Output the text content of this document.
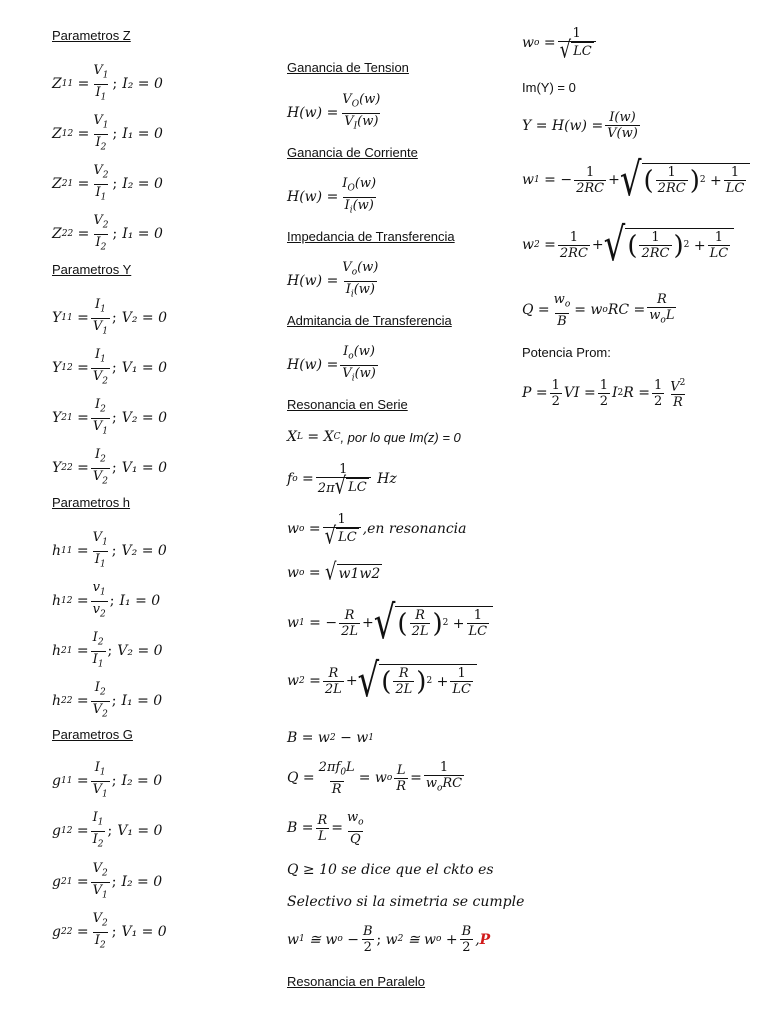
Parametros Z
Z $11 = \frac{V_1}{I_1}$ ; I₂ = 0
Z $12 = \frac{V_1}{I_2}$ ; I₁ = 0
Z $21 = \frac{V_2}{I_1}$ ; I₂ = 0
Z $22 = \frac{V_2}{I_2}$ ; I₁ = 0
Parametros Y
Y $11 = \frac{I_1}{V_1}$ ; V₂ = 0
Y $12 = \frac{I_1}{V_2}$ ; V₁ = 0
Y $21 = \frac{I_2}{V_1}$ ; V₂ = 0
Y $22 = \frac{I_2}{V_2}$ ; V₁ = 0
Parametros h
h $11 = \frac{V_1}{I_1}$ ; V₂ = 0
h $12 = \frac{v_1}{v_2}$ ; I₁ = 0
h $21 = \frac{I_2}{I_1}$ ; V₂ = 0
h $22 = \frac{I_2}{V_2}$ ; I₁ = 0
Parametros G
g $11 = \frac{I_1}{V_1}$ ; I₂ = 0
g $12 = \frac{I_1}{I_2}$ ; V₁ = 0
g $21 = \frac{V_2}{V_1}$ ; I₂ = 0
g $22 = \frac{V_2}{I_2}$ ; V₁ = 0
Ganancia de Tension
$H(w) = \frac{V_O(w)}{V_I(w)}$
Ganancia de Corriente
$H(w) = \frac{I_O(w)}{I_i(w)}$
Impedancia de Transferencia
$H(w) = \frac{V_o(w)}{I_i(w)}$
Admitancia de Transferencia
$H(w) = \frac{I_o(w)}{V_i(w)}$
Resonancia en Serie
X L = X C , por lo que Im(z) = 0
f $o = \frac{1}{2\pi √ LC}$
Hz
w $o = \frac{1}{√ LC} ,en$ resonancia
w o = √ w1w2
w 1 = − $\frac{R}{2L}$ + √ ( $\frac{R}{2L}$ ) $2 + \frac{1}{LC}$
w $2 = \frac{R}{2L}$ + √ ( $\frac{R}{2L}$ ) $2 + \frac{1}{LC}$
B = w 2 − w 1
$Q = \frac{2\pi f_0L}{R} = w$ o $\frac{L}{R} = \frac{1}{w_oRC}$
$B = \frac{R}{L} = \frac{w_o}{Q}$
Q ≥ 10 se dice que el ckto es
Selectivo si la simetria se cumple
w 1 ≅ w $o - \frac{B}{2}$ ; w 2 ≅ w $o + \frac{B}{2}$ , P
Resonancia en Paralelo
w $o = \frac{1}{√ LC}$
Im(Y) = 0
$Y = H(w) = \frac{I(w)}{V(w)}$
w 1 = − $\frac{1}{2RC}$ + √ ( $\frac{1}{2RC}$ ) $2 + \frac{1}{LC}$
w $2 = \frac{1}{2RC}$ + √ ( $\frac{1}{2RC}$ ) $2 + \frac{1}{LC}$
$Q = \frac{w_o}{B} = w$ o RC = $\frac{R}{w_oL}$
Potencia Prom:
$P = \frac{1}{2}$ VI = $\frac{1}{2}$ I 2 $R = \frac{1}{2} \frac{V^2}{R}$
